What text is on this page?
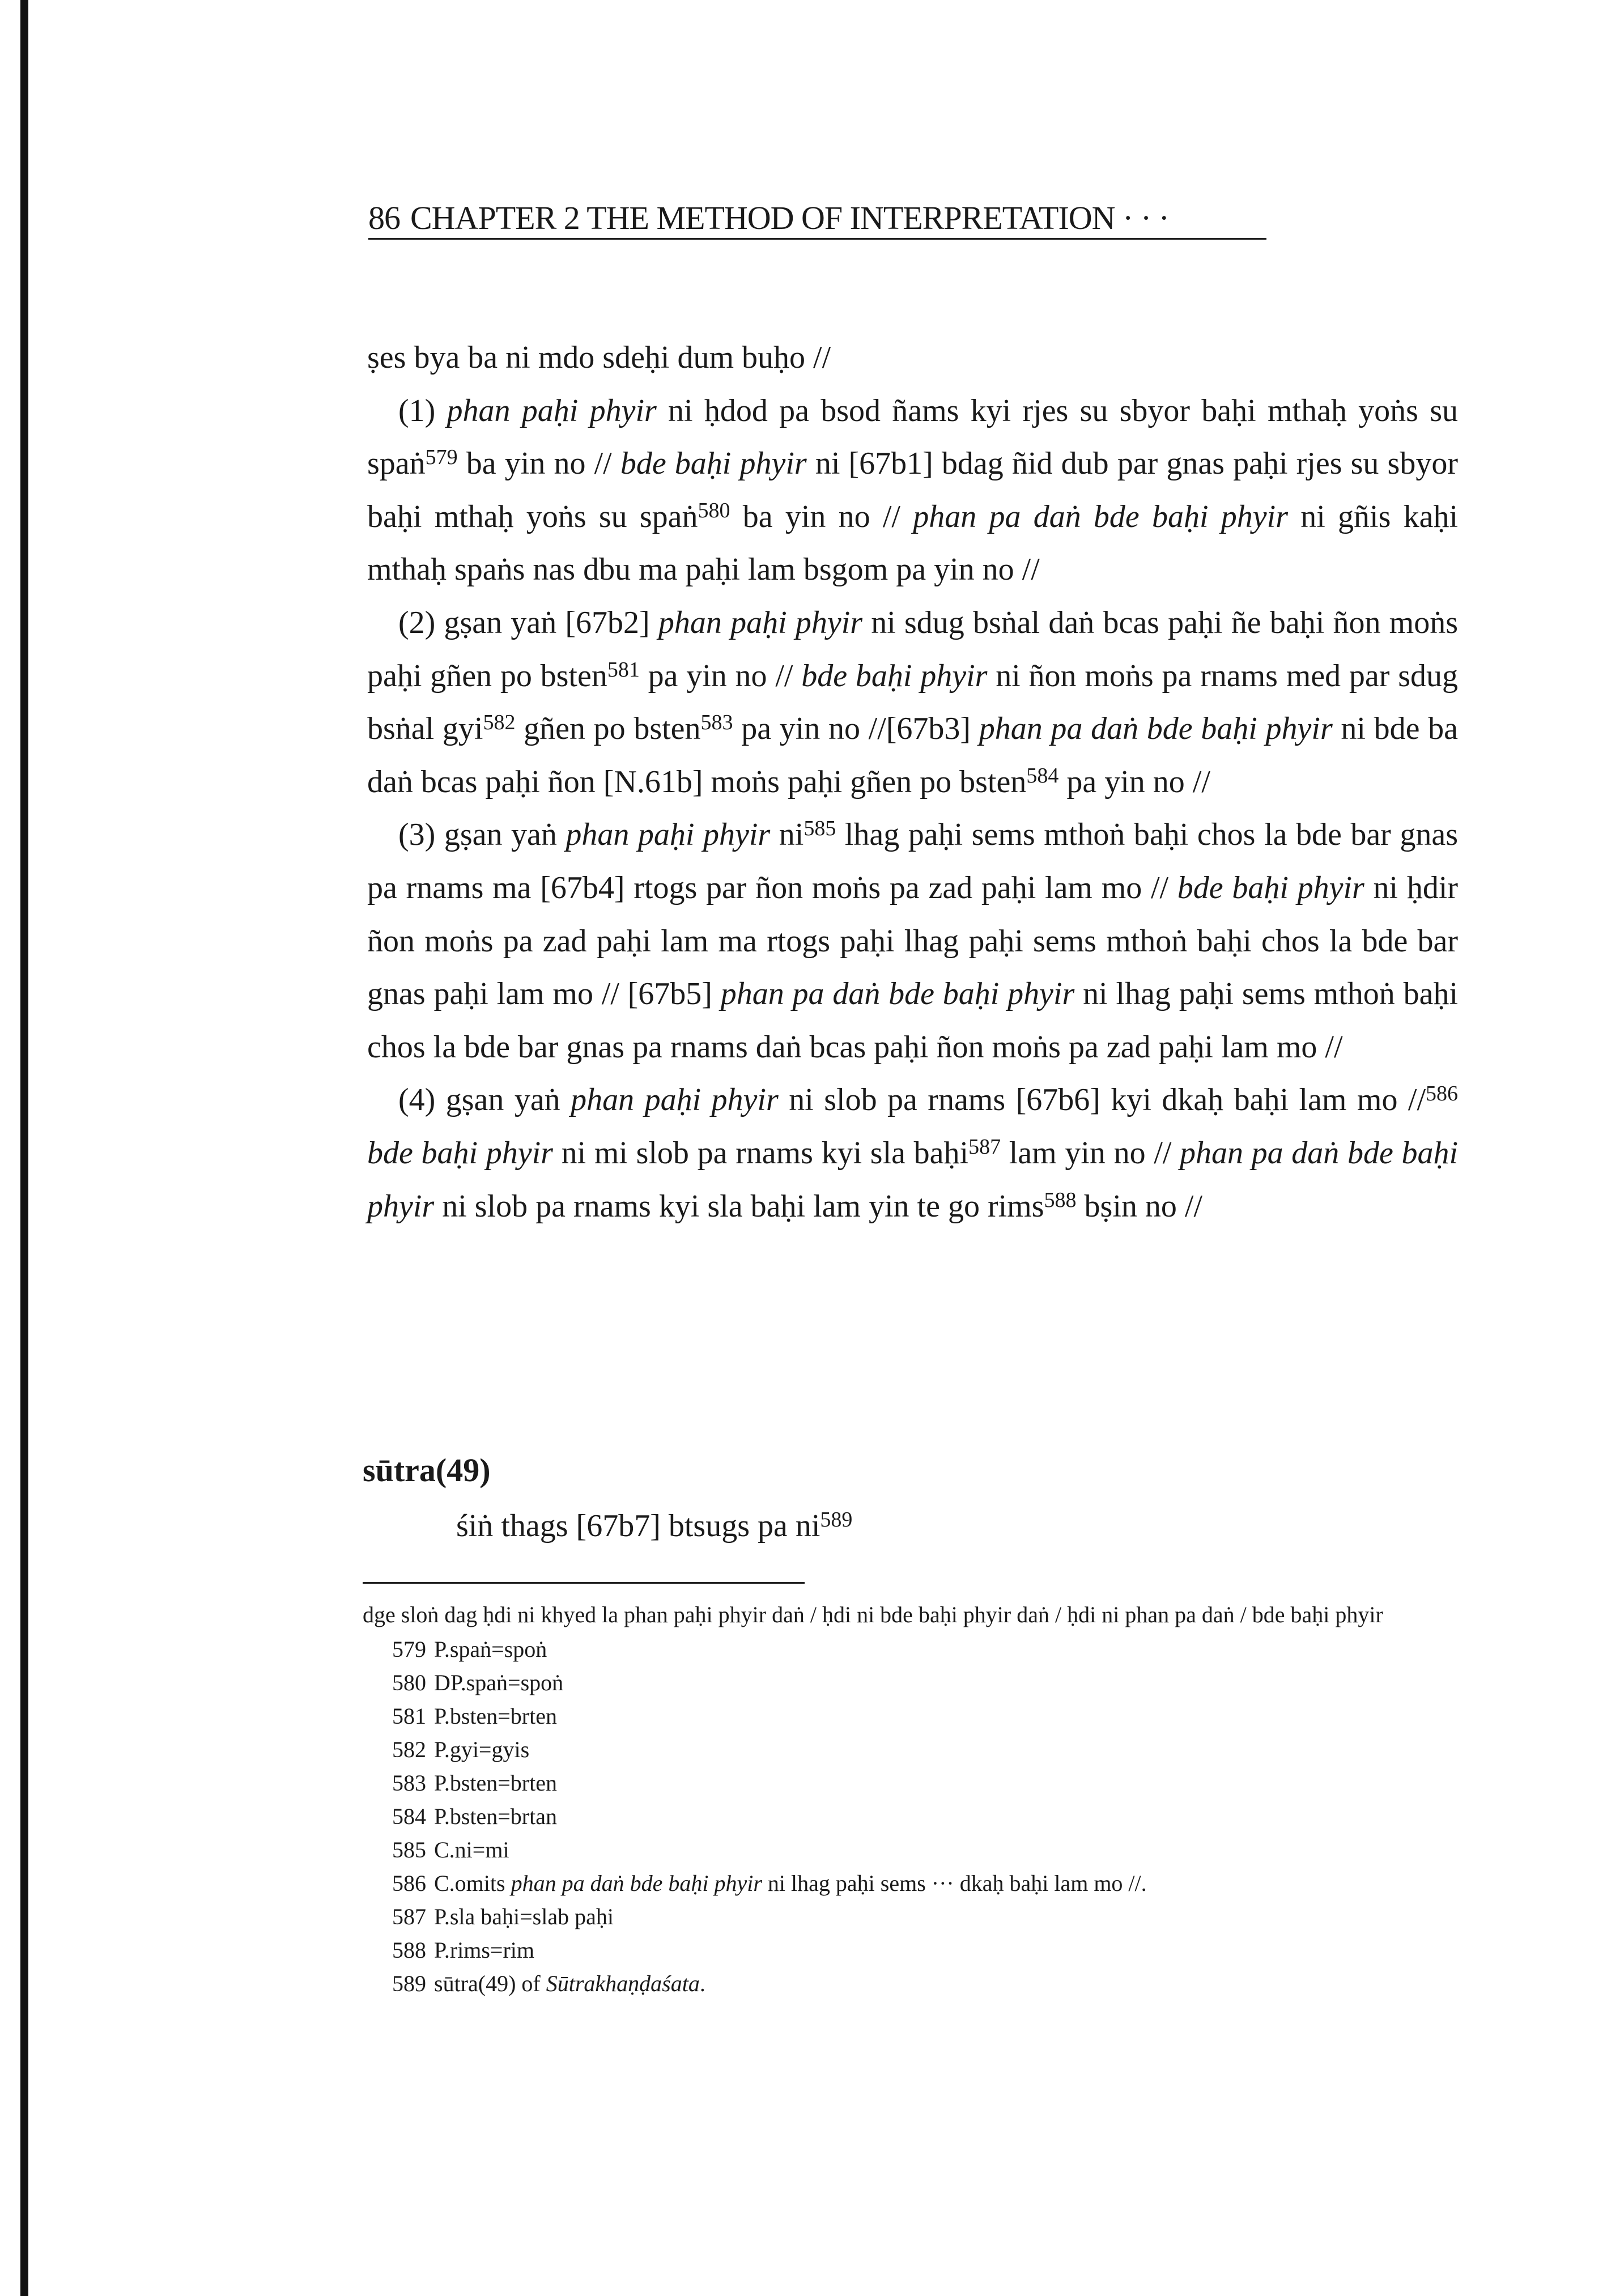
86 CHAPTER 2 THE METHOD OF INTERPRETATION · · ·

ṣes bya ba ni mdo sdeḥi dum buḥo //

(1) phan paḥi phyir ni ḥdod pa bsod ñams kyi rjes su sbyor baḥi mthaḥ yoṅs su spaṅ$^{579}$ ba yin no // bde baḥi phyir ni [67b1] bdag ñid dub par gnas paḥi rjes su sbyor baḥi mthaḥ yoṅs su spaṅ$^{580}$ ba yin no // phan pa daṅ bde baḥi phyir ni gñis kaḥi mthaḥ spaṅs nas dbu ma paḥi lam bsgom pa yin no //

(2) gṣan yaṅ [67b2] phan paḥi phyir ni sdug bsṅal daṅ bcas paḥi ñe baḥi ñon moṅs paḥi gñen po bsten$^{581}$ pa yin no // bde baḥi phyir ni ñon moṅs pa rnams med par sdug bsṅal gyi$^{582}$ gñen po bsten$^{583}$ pa yin no //[67b3] phan pa daṅ bde baḥi phyir ni bde ba daṅ bcas paḥi ñon [N.61b] moṅs paḥi gñen po bsten$^{584}$ pa yin no //

(3) gṣan yaṅ phan paḥi phyir $ni^{585}$ lhag paḥi sems mthoṅ baḥi chos la bde bar gnas pa rnams ma [67b4] rtogs par ñon moṅs pa zad paḥi lam mo // bde baḥi phyir ni ḥdir ñon moṅs pa zad paḥi lam ma rtogs paḥi lhag paḥi sems mthoṅ baḥi chos la bde bar gnas paḥi lam mo // [67b5] phan pa daṅ bde baḥi phyir ni lhag paḥi sems mthoṅ baḥi chos la bde bar gnas pa rnams daṅ bcas paḥi ñon moṅs pa zad paḥi lam mo //

(4) gṣan yaṅ phan paḥi phyir ni slob pa rnams [67b6] kyi dkaḥ baḥi lam mo //$^{586}$ bde baḥi phyir ni mi slob pa rnams kyi sla baḥi$^{587}$ lam yin no // phan pa daṅ bde baḥi phyir ni slob pa rnams kyi sla baḥi lam yin te go rims$^{588}$ bṣin no //

sūtra(49)
śiṅ thags [67b7] btsugs pa $ni^{589}$

dge sloṅ dag ḥdi ni khyed la phan paḥi phyir daṅ / ḥdi ni bde baḥi phyir daṅ / ḥdi ni phan pa daṅ / bde baḥi phyir

579 P.spaṅ=spoṅ
580 DP.spaṅ=spoṅ
581 P.bsten=brten
582 P.gyi=gyis
583 P.bsten=brten
584 P.bsten=brtan
585 C.ni=mi
586 C.omits phan pa daṅ bde baḥi phyir ni lhag paḥi sems ··· dkaḥ baḥi lam mo //.
587 P.sla baḥi=slab paḥi
588 P.rims=rim
589 sūtra(49) of Sūtrakhaṇḍaśata.
